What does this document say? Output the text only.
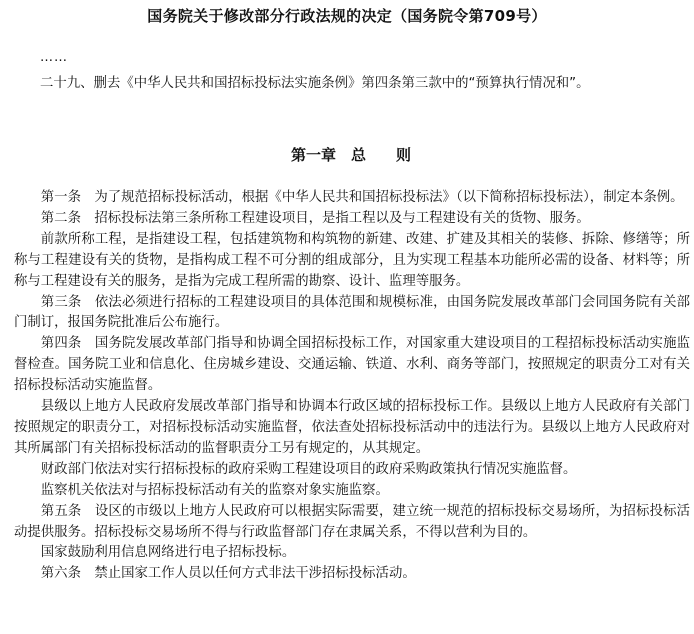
国务院关于修改部分行政法规的决定（国务院令第709号）
……
二十九、删去《中华人民共和国招标投标法实施条例》第四条第三款中的“预算执行情况和”。
第一章　总　　则

第一条　为了规范招标投标活动，根据《中华人民共和国招标投标法》（以下简称招标投标法），制定本条例。

第二条　招标投标法第三条所称工程建设项目，是指工程以及与工程建设有关的货物、服务。

前款所称工程，是指建设工程，包括建筑物和构筑物的新建、改建、扩建及其相关的装修、拆除、修缮等；所称与工程建设有关的货物，是指构成工程不可分割的组成部分，且为实现工程基本功能所必需的设备、材料等；所称与工程建设有关的服务，是指为完成工程所需的勘察、设计、监理等服务。

第三条　依法必须进行招标的工程建设项目的具体范围和规模标准，由国务院发展改革部门会同国务院有关部门制订，报国务院批准后公布施行。

第四条　国务院发展改革部门指导和协调全国招标投标工作，对国家重大建设项目的工程招标投标活动实施监督检查。国务院工业和信息化、住房城乡建设、交通运输、铁道、水利、商务等部门，按照规定的职责分工对有关招标投标活动实施监督。

县级以上地方人民政府发展改革部门指导和协调本行政区域的招标投标工作。县级以上地方人民政府有关部门按照规定的职责分工，对招标投标活动实施监督，依法查处招标投标活动中的违法行为。县级以上地方人民政府对其所属部门有关招标投标活动的监督职责分工另有规定的，从其规定。

财政部门依法对实行招标投标的政府采购工程建设项目的政府采购政策执行情况实施监督。

监察机关依法对与招标投标活动有关的监察对象实施监察。

第五条　设区的市级以上地方人民政府可以根据实际需要，建立统一规范的招标投标交易场所，为招标投标活动提供服务。招标投标交易场所不得与行政监督部门存在隶属关系，不得以营利为目的。

国家鼓励利用信息网络进行电子招标投标。

第六条　禁止国家工作人员以任何方式非法干涉招标投标活动。
